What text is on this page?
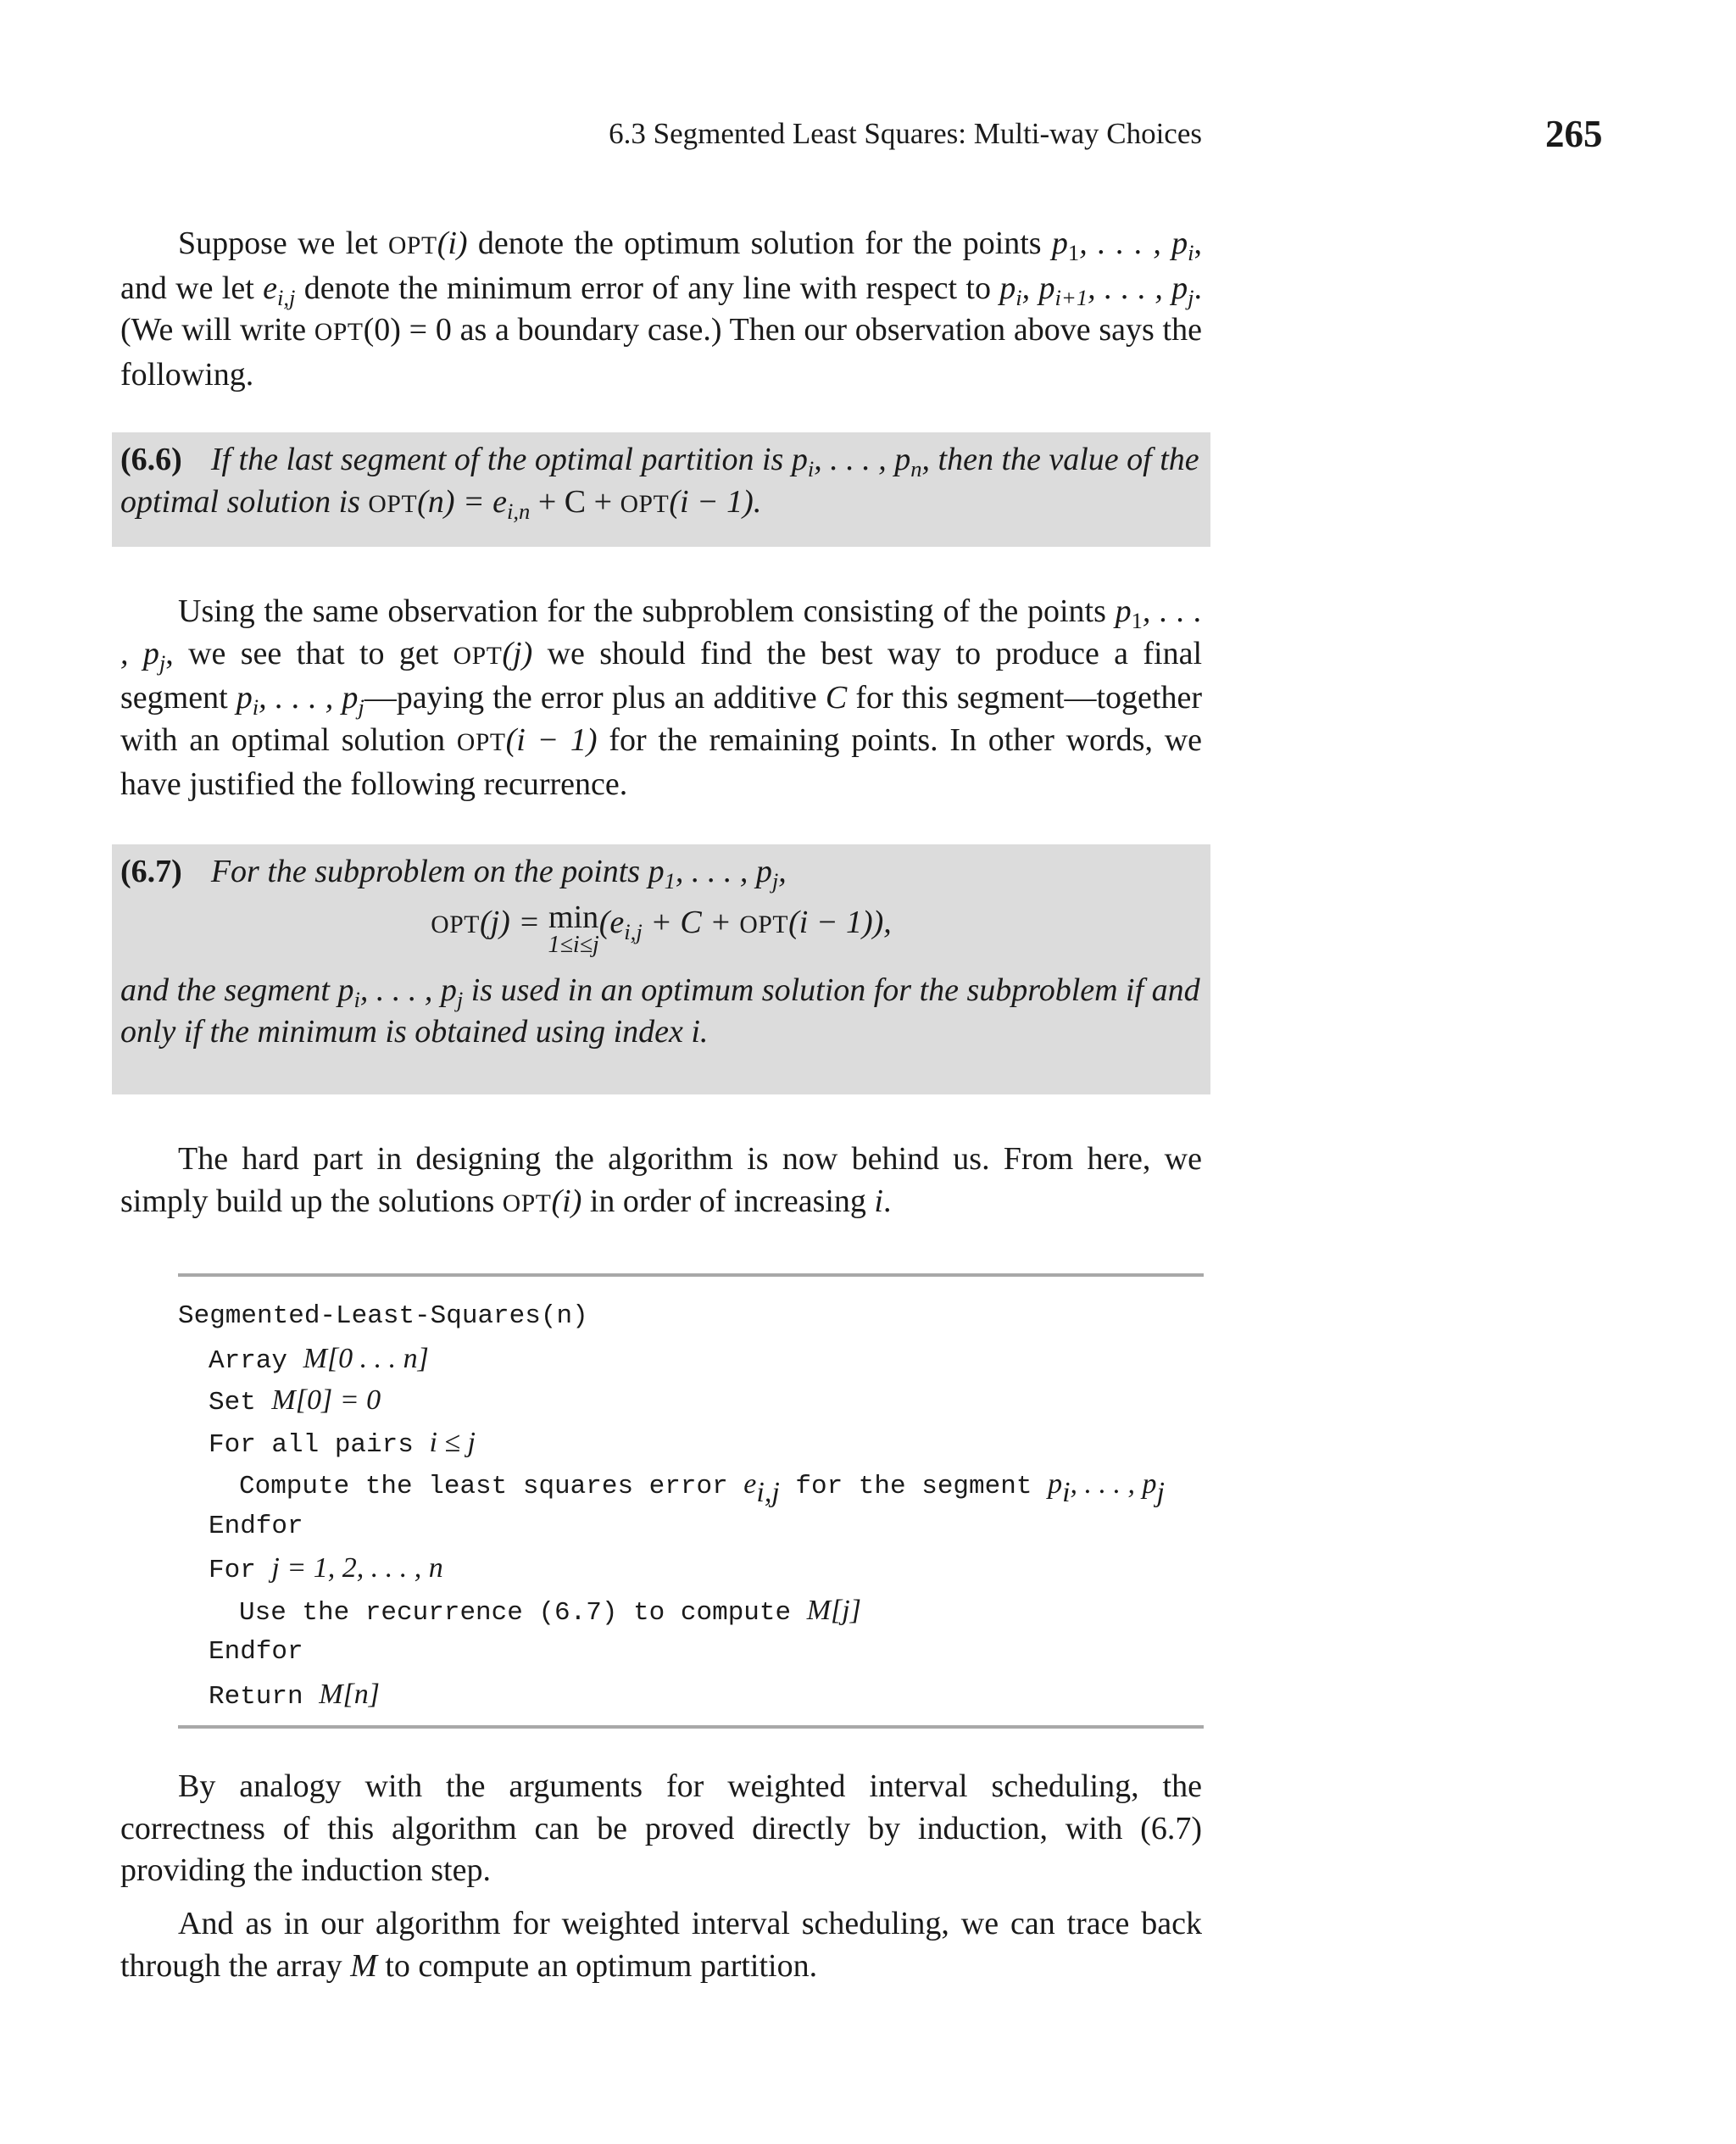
6.3 Segmented Least Squares: Multi-way Choices	265

Suppose we let OPT(i) denote the optimum solution for the points $p_1$, . . . , $p_i$, and we let $e_{i,j}$ denote the minimum error of any line with respect to $p_i$, $p_{i+1}$, . . . , $p_j$. (We will write OPT(0) = 0 as a boundary case.) Then our observation above says the following.

(6.6) If the last segment of the optimal partition is $p_i$, . . . , $p_n$, then the value of the optimal solution is $OPT(n) = e_{i,n} + C + OPT(i - 1)$.

Using the same observation for the subproblem consisting of the points $p_1$, . . . , $p_j$, we see that to get OPT(j) we should find the best way to produce a final segment $p_i$, . . . , $p_j—paying$ the error plus an additive C for this segment—together with an optimal solution OPT(i − 1) for the remaining points. In other words, we have justified the following recurrence.

(6.7) For the subproblem on the points $p_1$, . . . , $p_j$,
OPT(j) = min
1≤i≤j
$(e_{i,j} + C + OPT(i - 1))$,
and the segment $p_i$, . . . , $p_j$ is used in an optimum solution for the subproblem if and only if the minimum is obtained using index i.

The hard part in designing the algorithm is now behind us. From here, we simply build up the solutions OPT(i) in order of increasing i.

Segmented-Least-Squares(n)
Array M[0 . . . n]
Set M[0] = 0
For all pairs i ≤ j
Compute the least squares error $e_{i,j}$ for the segment $p_i$, . . . , $p_j$
Endfor
For j = 1, 2, . . . , n
Use the recurrence (6.7) to compute M[j]
Endfor
Return M[n]

By analogy with the arguments for weighted interval scheduling, the correctness of this algorithm can be proved directly by induction, with (6.7) providing the induction step.

And as in our algorithm for weighted interval scheduling, we can trace back through the array M to compute an optimum partition.
